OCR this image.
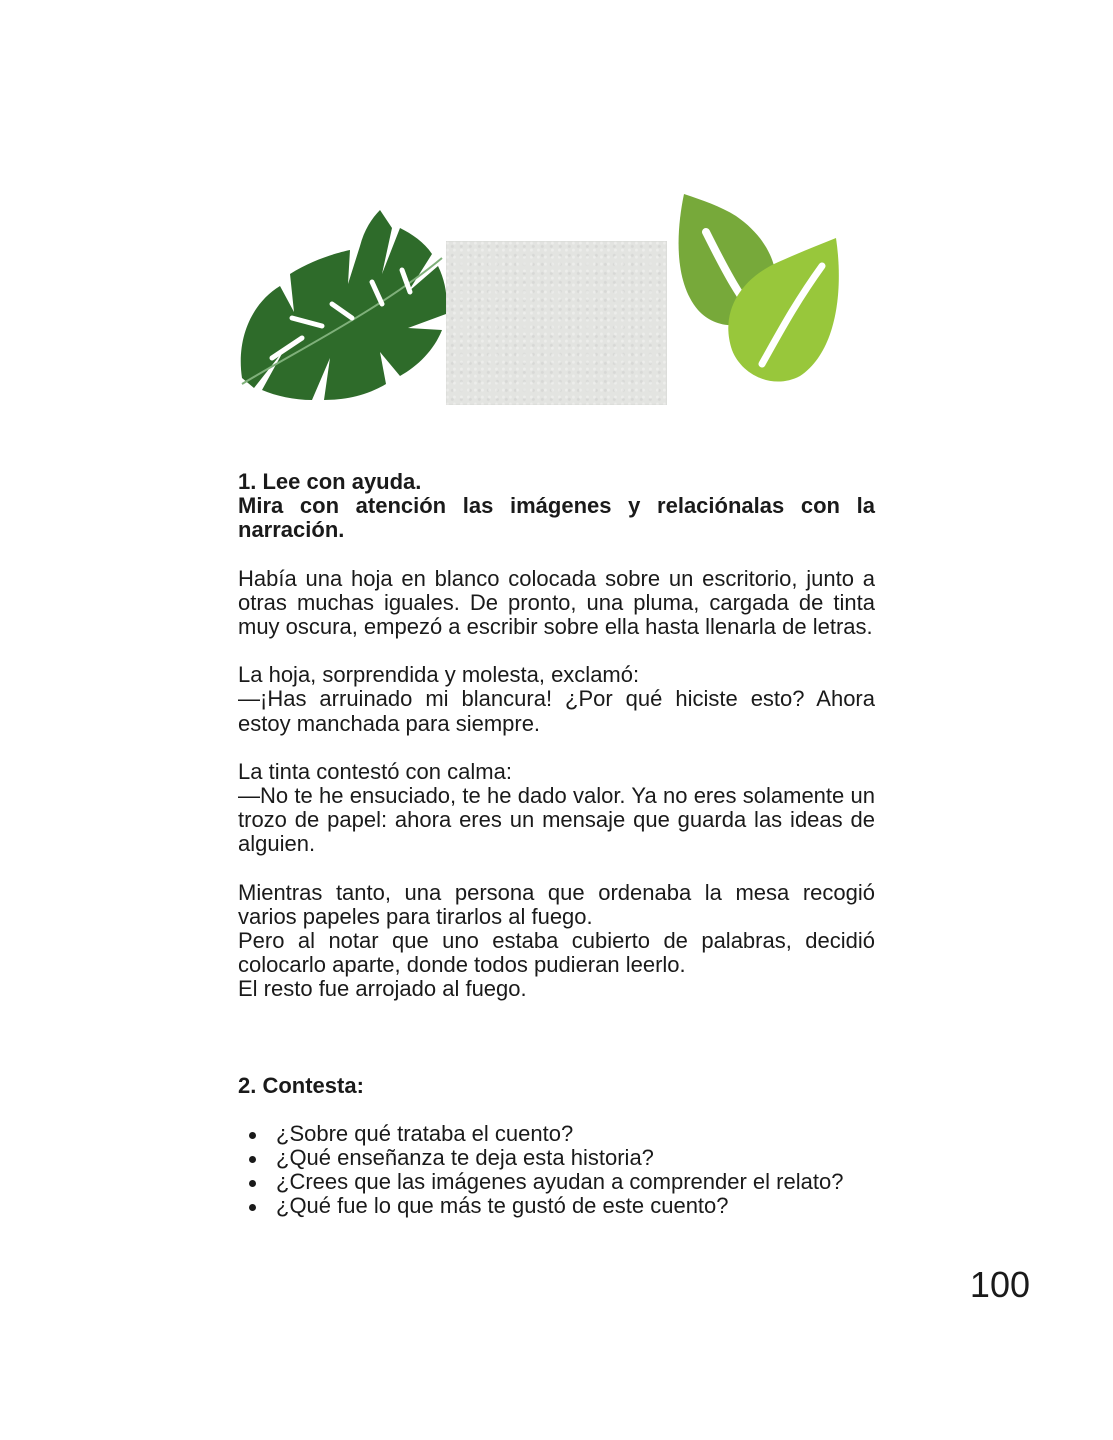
1. Lee con ayuda.

Mira con atención las imágenes y relaciónalas con la narración.

Había una hoja en blanco colocada sobre un escritorio, junto a otras muchas iguales. De pronto, una pluma, cargada de tinta muy oscura, empezó a escribir sobre ella hasta llenarla de letras.
La hoja, sorprendida y molesta, exclamó:
—¡Has arruinado mi blancura! ¿Por qué hiciste esto? Ahora estoy manchada para siempre.
La tinta contestó con calma:
—No te he ensuciado, te he dado valor. Ya no eres solamente un trozo de papel: ahora eres un mensaje que guarda las ideas de alguien.
Mientras tanto, una persona que ordenaba la mesa recogió varios papeles para tirarlos al fuego.
Pero al notar que uno estaba cubierto de palabras, decidió colocarlo aparte, donde todos pudieran leerlo.
El resto fue arrojado al fuego.

2. Contesta:

¿Sobre qué trataba el cuento?
¿Qué enseñanza te deja esta historia?
¿Crees que las imágenes ayudan a comprender el relato?
¿Qué fue lo que más te gustó de este cuento?
100
